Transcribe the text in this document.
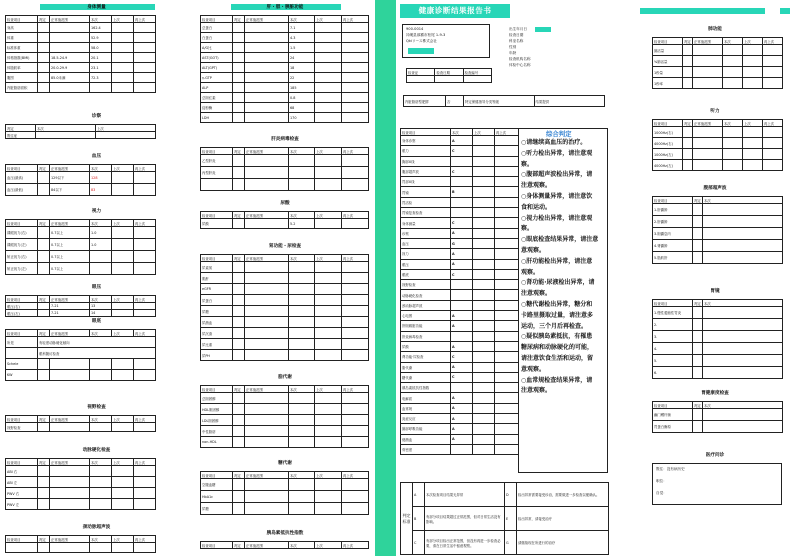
身体测量
检查项目	判定	正常值范围	本次	上次	再上次
身高			162.4		
体重			52.9		
标准体重			58.0		
体格指数(BMI)		18.5-24.9	20.1		
体脂肪率		20.0-29.9	23.1		
腹围		85.0未满	72.3		
内脏脂肪面积					
诊察
判定	本次	上次
既往症		
血压
检查项目	判定	正常值范围	本次	上次	再上次
血压(最高)		129以下	128		
血压(最低)		84以下	83		
视力
检查项目	判定	正常值范围	本次	上次	再上次
裸眼视力(右)		0.7以上	1.0		
裸眼视力(左)		0.7以上	1.0		
矫正视力(右)		0.7以上			
矫正视力(左)		0.7以上			
眼压
检查项目	判定	正常值范围	本次	上次	再上次
眼压(右)		7-21	13		
眼压(左)		7-21	14		
眼底
检查项目	判定	正常值范围	本次	上次	再上次
所见	有轻度动脉硬化倾向				
	眼科随访检查				
Scheie					
KW					
视野检查
检查项目	判定	正常值范围	本次	上次	再上次
视野检查					
动脉硬化检查
检查项目	判定	正常值范围	本次	上次	再上次
ABI 右					
ABI 左					
PWV 右					
PWV 左					
颈动脉超声波
检查项目	判定	正常值范围	本次	上次	再上次

肝・胆・胰脏功能
检查项目	判定	正常值范围	本次	上次	再上次
总蛋白			7.1		
白蛋白			4.3		
A/G比			1.5		
AST(GOT)			24		
ALT(GPT)			18		
γ-GTP			22		
ALP			185		
总胆红素			0.8		
淀粉酶			68		
LDH			170		
肝炎病毒检查
检查项目	判定	正常值范围	本次	上次	再上次
乙型肝炎					
丙型肝炎					

尿酸
检查项目	判定	正常值范围	本次	上次	再上次
尿酸			5.2		
肾功能・尿检查
检查项目	判定	正常值范围	本次	上次	再上次
尿素氮					
肌酐					
eGFR					
尿蛋白					
尿糖					
尿潜血					
尿沉渣					
尿比重					
尿PH					
脂代谢
检查项目	判定	正常值范围	本次	上次	再上次
总胆固醇					
HDL胆固醇					
LDL胆固醇					
中性脂肪					
non-HDL					
糖代谢
检查项目	判定	正常值范围	本次	上次	再上次
空腹血糖					
HbA1c					
尿糖					
胰岛素抵抗性指数
检查项目	判定	正常值范围	本次	上次	再上次
健康诊断结果报告书
900-0014
冲绳县那霸市松尾 1-9-3
Qkiリース株式会社
出生年月日
检查日期
科室名称
性别
年龄
检查机构名称
体检中心名称
检查证	检查日期	检查编号

内脏脂肪型肥胖	否	特定保健指导分类等级	结果提供
检查项目	本次	上次	再上次
身体诊察	A		
眼力	C		
胸部X线			
腹部超声波	C		
胃部X线			
胃镜	B		
胃活检			
胃镜复查检查			
身体测量	C		
诊察	A		
血压	G		
视力	A		
眼压	A		
眼底	C		
视野检查			
动脉硬化检查			
颈动脉超声波			
心电图	A		
肝胆胰脏功能	A		
肝炎病毒检查			
尿酸	A		
肾功能·尿检查	C		
脂代谢	A		
糖代谢	C		
胰岛素抵抗性指数			
电解质	A		
血常规	A		
炎症反应	A		
肺部呼吸功能	A		
便潜血	A		
骨密度			
综合判定
○请继续高血压的治疗。
○听力检出异常，请注意观
察。
○腹部超声波检出异常，请
注意观察。
○身体测量异常，请注意饮
食和运动。
○视力检出异常，请注意观
察。
○眼底检查结果异常，请注意
意观察。
○肝功能检出异常，请注意
观察。
○肾功能·尿液检出异常，请
注意观察。
○糖代谢检出异常，糖分和
卡路里摄取过量，请注意多
运动，三个月后再检查。
○疑似胰岛素抵抗，有罹患
糖尿病和动脉硬化的可能，
请注意饮食生活和运动，留
意观察。
○血常规检查结果异常，请
注意观察。
判定标准	A	本次检查项目结果无异常	D	检出异常需要接受诊治，需要做进一步检查以便确认。
	B	有部分项目结果超过正常范围，但对日常生活没有影响。	E	检出异常，请接受治疗
	C	有部分项目检出正常范围，但没有再进一步检查必要，请在日常生活中留意观察。	G	请继续现在所进行的治疗
肺功能
检查项目	判定	正常值范围	本次	上次	再上次
肺活量					
%肺活量					
1秒量					
1秒率					
听力
检查项目	判定	正常值范围	本次	上次	再上次
1000Hz(右)					
4000Hz(右)					
1000Hz(左)					
4000Hz(左)					
腹部超声波
检查项目	判定	本次
1.肝囊肿		
2.肝囊肿		
3.胆囊息肉		
4.肾囊肿		
5.脂肪肝		
胃镜
检查项目	判定	本次
1.慢性萎缩性胃炎		
2.		
3.		
4.		
5.		
6.		
胃健康度检查
检查项目	判定	本次
幽门螺杆菌		
胃蛋白酶原		
医疗问诊
既往：没有病历史
职位：
自觉：
